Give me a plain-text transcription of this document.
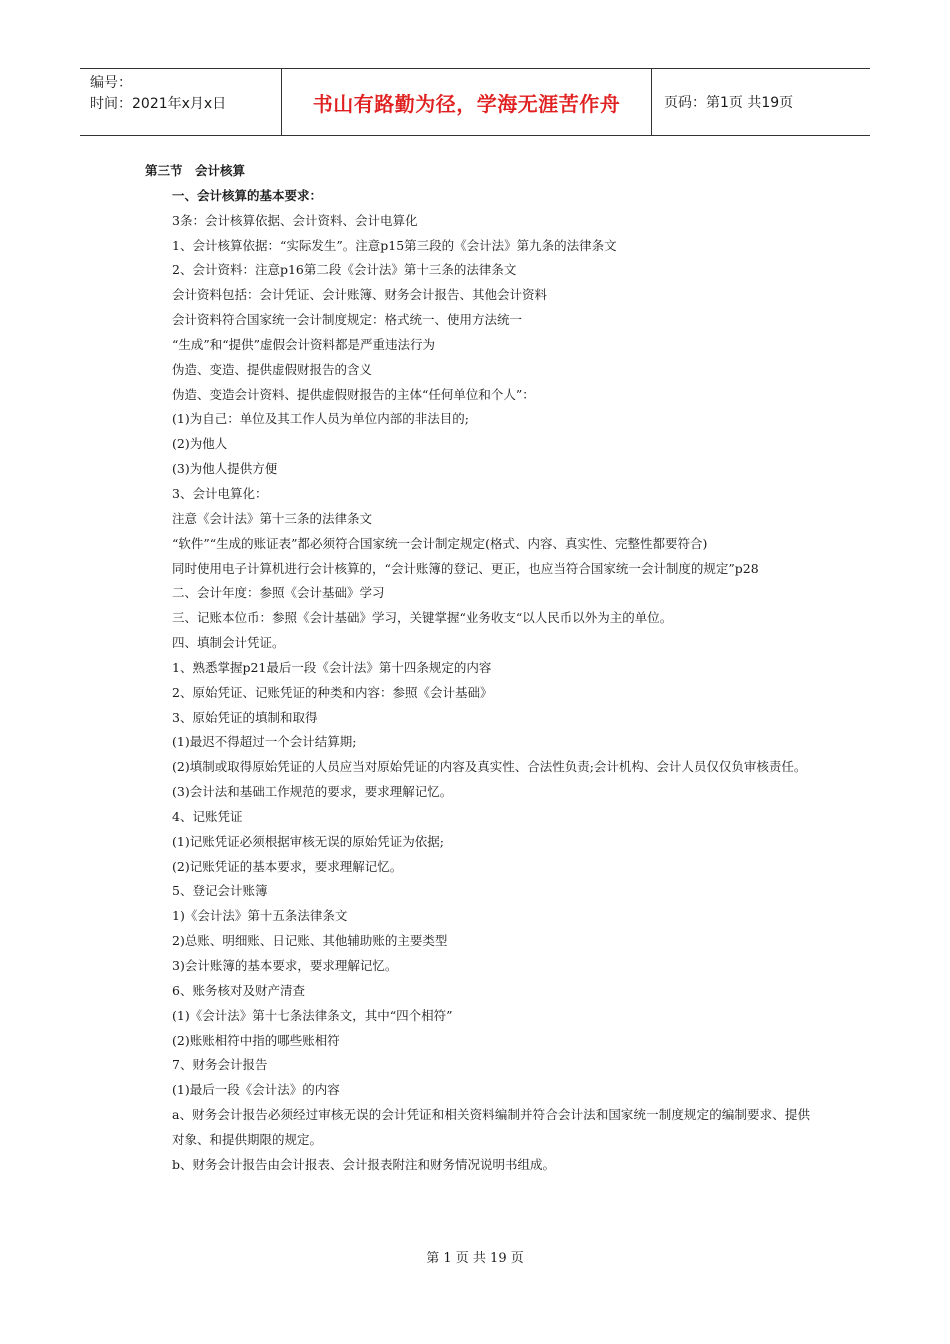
编号：
时间：2021年x月x日	书山有路勤为径，学海无涯苦作舟	页码：第1页 共19页
第三节　会计核算
一、会计核算的基本要求：
3条：会计核算依据、会计资料、会计电算化
1、会计核算依据：“实际发生”。注意p15第三段的《会计法》第九条的法律条文
2、会计资料：注意p16第二段《会计法》第十三条的法律条文
会计资料包括：会计凭证、会计账簿、财务会计报告、其他会计资料
会计资料符合国家统一会计制度规定：格式统一、使用方法统一
“生成”和“提供”虚假会计资料都是严重违法行为
伪造、变造、提供虚假财报告的含义
伪造、变造会计资料、提供虚假财报告的主体“任何单位和个人”：
(1)为自己：单位及其工作人员为单位内部的非法目的;
(2)为他人
(3)为他人提供方便
3、会计电算化：
注意《会计法》第十三条的法律条文
“软件”“生成的账证表”都必须符合国家统一会计制定规定(格式、内容、真实性、完整性都要符合)
同时使用电子计算机进行会计核算的，“会计账簿的登记、更正，也应当符合国家统一会计制度的规定”p28
二、会计年度：参照《会计基础》学习
三、记账本位币：参照《会计基础》学习，关键掌握“业务收支“以人民币以外为主的单位。
四、填制会计凭证。
1、熟悉掌握p21最后一段《会计法》第十四条规定的内容
2、原始凭证、记账凭证的种类和内容：参照《会计基础》
3、原始凭证的填制和取得
(1)最迟不得超过一个会计结算期;
(2)填制或取得原始凭证的人员应当对原始凭证的内容及真实性、合法性负责;会计机构、会计人员仅仅负审核责任。
(3)会计法和基础工作规范的要求，要求理解记忆。
4、记账凭证
(1)记账凭证必须根据审核无误的原始凭证为依据;
(2)记账凭证的基本要求，要求理解记忆。
5、登记会计账簿
1)《会计法》第十五条法律条文
2)总账、明细账、日记账、其他辅助账的主要类型
3)会计账簿的基本要求，要求理解记忆。
6、账务核对及财产清查
(1)《会计法》第十七条法律条文，其中“四个相符”
(2)账账相符中指的哪些账相符
7、财务会计报告
(1)最后一段《会计法》的内容
a、财务会计报告必须经过审核无误的会计凭证和相关资料编制并符合会计法和国家统一制度规定的编制要求、提供对象、和提供期限的规定。
b、财务会计报告由会计报表、会计报表附注和财务情况说明书组成。
第 1 页 共 19 页
